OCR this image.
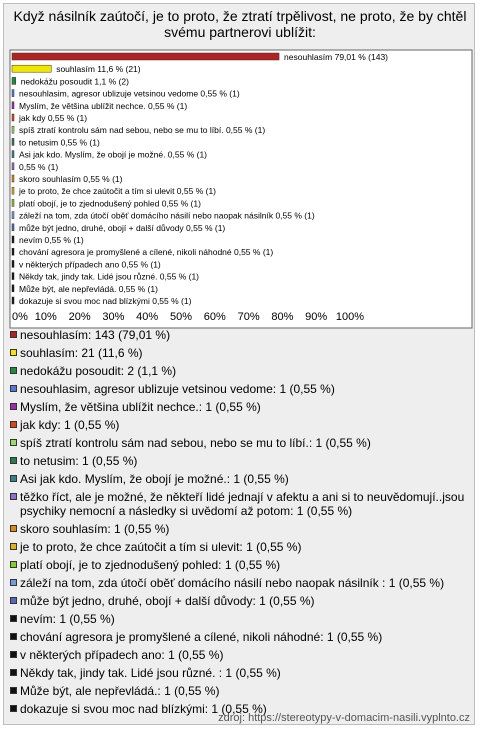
Když násilník zaútočí, je to proto, že ztratí trpělivost, ne proto, že by chtěl svému partnerovi ublížit:
nesouhlasím 79,01 % (143)
souhlasím 11,6 % (21)
nedokážu posoudit 1,1 % (2)
nesouhlasim, agresor ublizuje vetsinou vedome 0,55 % (1)
Myslím, že většina ublížit nechce. 0,55 % (1)
jak kdy 0,55 % (1)
spíš ztratí kontrolu sám nad sebou, nebo se mu to líbí. 0,55 % (1)
to netusim 0,55 % (1)
Asi jak kdo. Myslím, že obojí je možné. 0,55 % (1)
0,55 % (1)
skoro souhlasím 0,55 % (1)
je to proto, že chce zaútočit a tím si ulevit 0,55 % (1)
platí obojí, je to zjednodušený pohled 0,55 % (1)
záleží na tom, zda útočí oběť domácího násilí nebo naopak násilník 0,55 % (1)
může být jedno, druhé, obojí + další důvody 0,55 % (1)
nevím 0,55 % (1)
chování agresora je promyšlené a cílené, nikoli náhodné 0,55 % (1)
v některých případech ano 0,55 % (1)
Někdy tak, jindy tak. Lidé jsou různé. 0,55 % (1)
Může být, ale nepřevládá. 0,55 % (1)
dokazuje si svou moc nad blízkými 0,55 % (1)
0% 10% 20% 30% 40% 50% 60% 70% 80% 90% 100%
nesouhlasím: 143 (79,01 %)
souhlasím: 21 (11,6 %)
nedokážu posoudit: 2 (1,1 %)
nesouhlasim, agresor ublizuje vetsinou vedome: 1 (0,55 %)
Myslím, že většina ublížit nechce.: 1 (0,55 %)
jak kdy: 1 (0,55 %)
spíš ztratí kontrolu sám nad sebou, nebo se mu to líbí.: 1 (0,55 %)
to netusim: 1 (0,55 %)
Asi jak kdo. Myslím, že obojí je možné.: 1 (0,55 %)
těžko říct, ale je možné, že někteří lidé jednají v afektu a ani si to neuvědomují..jsou psychiky nemocní a následky si uvědomí až potom: 1 (0,55 %)
skoro souhlasím: 1 (0,55 %)
je to proto, že chce zaútočit a tím si ulevit: 1 (0,55 %)
platí obojí, je to zjednodušený pohled: 1 (0,55 %)
záleží na tom, zda útočí oběť domácího násilí nebo naopak násilník : 1 (0,55 %)
může být jedno, druhé, obojí + další důvody: 1 (0,55 %)
nevím: 1 (0,55 %)
chování agresora je promyšlené a cílené, nikoli náhodné: 1 (0,55 %)
v některých případech ano: 1 (0,55 %)
Někdy tak, jindy tak. Lidé jsou různé. : 1 (0,55 %)
Může být, ale nepřevládá.: 1 (0,55 %)
dokazuje si svou moc nad blízkými: 1 (0,55 %)
zdroj: https://stereotypy-v-domacim-nasili.vyplnto.cz
